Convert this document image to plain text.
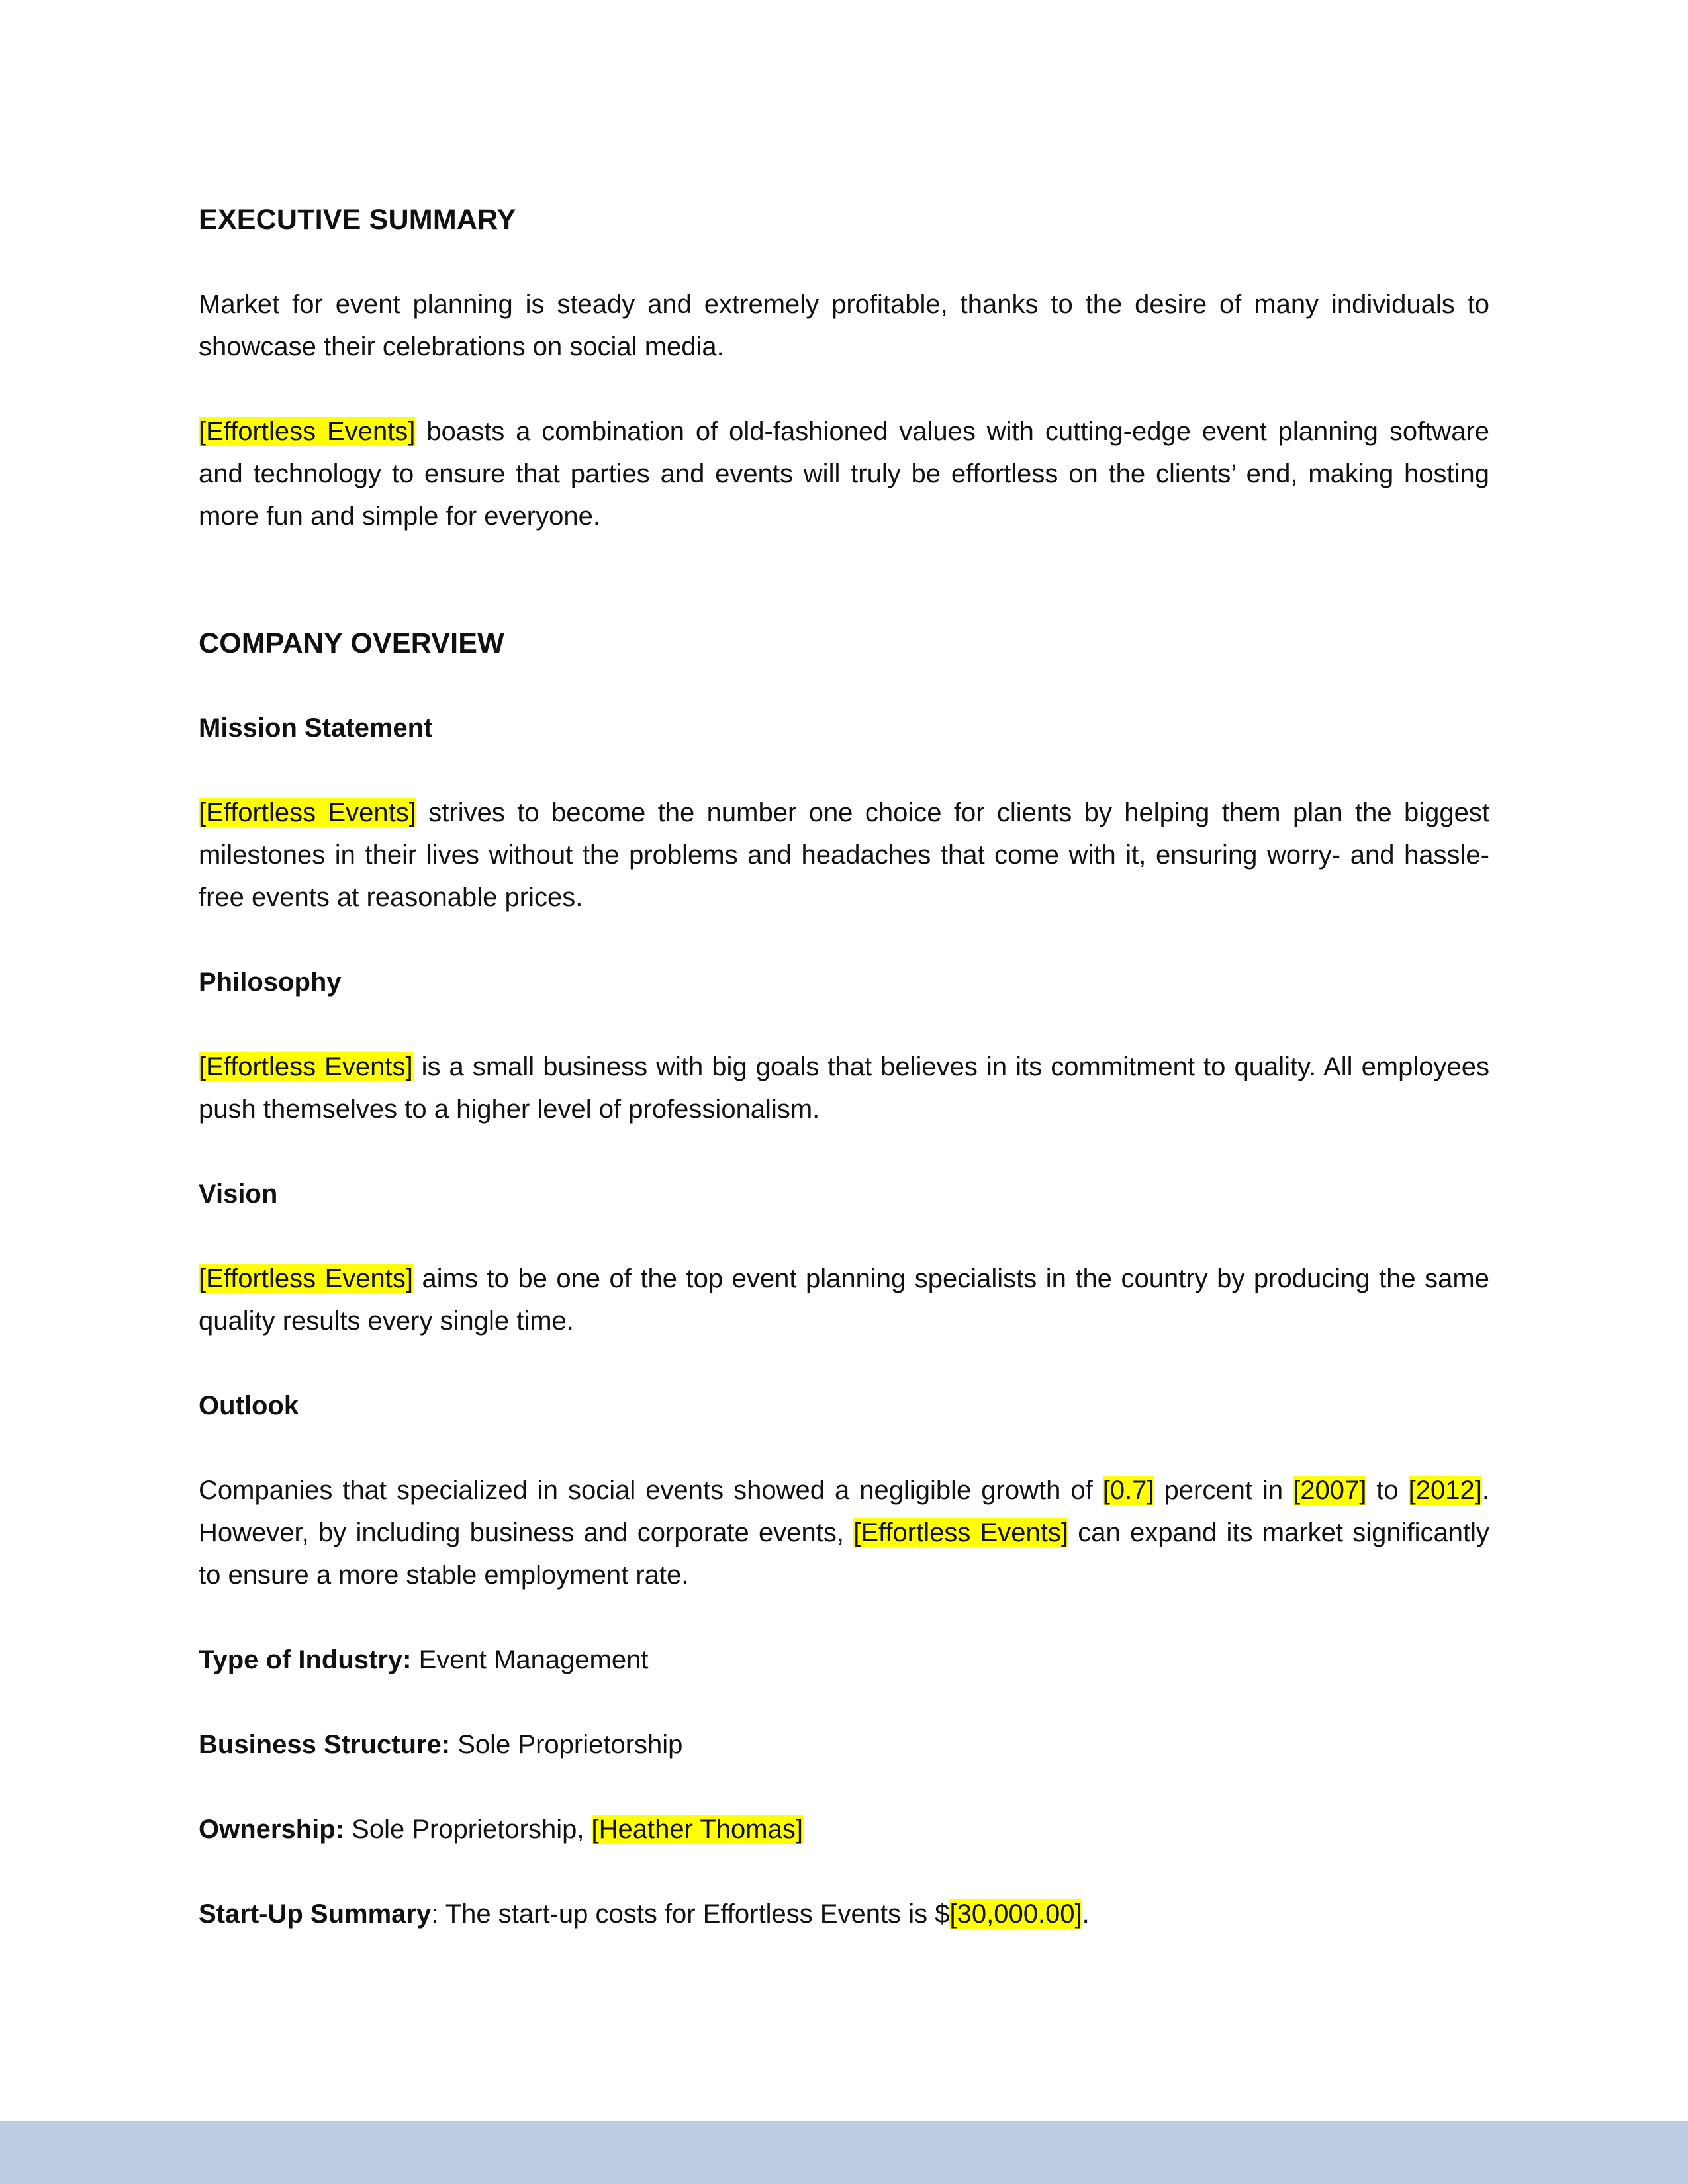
EXECUTIVE SUMMARY

Market for event planning is steady and extremely profitable, thanks to the desire of many individuals to showcase their celebrations on social media.

[Effortless Events] boasts a combination of old-fashioned values with cutting-edge event planning software and technology to ensure that parties and events will truly be effortless on the clients’ end, making hosting more fun and simple for everyone.

COMPANY OVERVIEW
Mission Statement

[Effortless Events] strives to become the number one choice for clients by helping them plan the biggest milestones in their lives without the problems and headaches that come with it, ensuring worry- and hassle-free events at reasonable prices.

Philosophy

[Effortless Events] is a small business with big goals that believes in its commitment to quality. All employees push themselves to a higher level of professionalism.

Vision

[Effortless Events] aims to be one of the top event planning specialists in the country by producing the same quality results every single time.

Outlook

Companies that specialized in social events showed a negligible growth of [0.7] percent in [2007] to [2012]. However, by including business and corporate events, [Effortless Events] can expand its market significantly to ensure a more stable employment rate.

Type of Industry: Event Management

Business Structure: Sole Proprietorship

Ownership: Sole Proprietorship, [Heather Thomas]

Start-Up Summary: The start-up costs for Effortless Events is $[30,000.00].
